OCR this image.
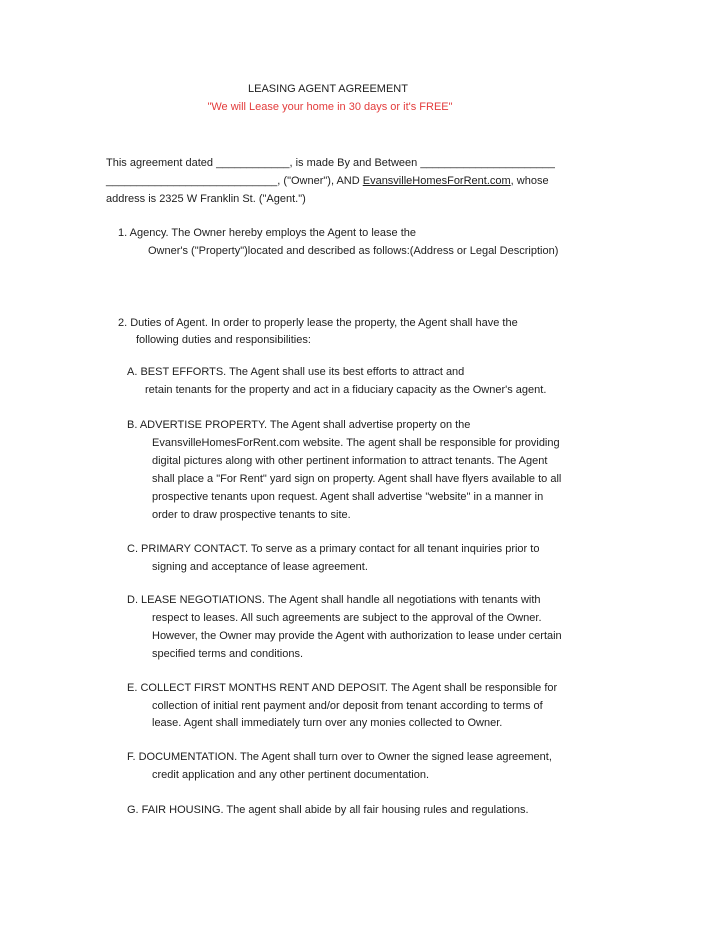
LEASING AGENT AGREEMENT
"We will Lease your home in 30 days or it's FREE"
This agreement dated ____________, is made By and Between ______________________
____________________________, ("Owner"), AND EvansvilleHomesForRent.com, whose
address is 2325 W Franklin St. ("Agent.")
1. Agency. The Owner hereby employs the Agent to lease the
Owner's ("Property")located and described as follows:(Address or Legal Description)
2. Duties of Agent. In order to properly lease the property, the Agent shall have the
following duties and responsibilities:
A. BEST EFFORTS. The Agent shall use its best efforts to attract and
retain tenants for the property and act in a fiduciary capacity as the Owner's agent.
B. ADVERTISE PROPERTY. The Agent shall advertise property on the
EvansvilleHomesForRent.com website. The agent shall be responsible for providing
digital pictures along with other pertinent information to attract tenants. The Agent
shall place a "For Rent" yard sign on property. Agent shall have flyers available to all
prospective tenants upon request. Agent shall advertise "website" in a manner in
order to draw prospective tenants to site.
C. PRIMARY CONTACT. To serve as a primary contact for all tenant inquiries prior to
signing and acceptance of lease agreement.
D. LEASE NEGOTIATIONS. The Agent shall handle all negotiations with tenants with
respect to leases. All such agreements are subject to the approval of the Owner.
However, the Owner may provide the Agent with authorization to lease under certain
specified terms and conditions.
E. COLLECT FIRST MONTHS RENT AND DEPOSIT. The Agent shall be responsible for
collection of initial rent payment and/or deposit from tenant according to terms of
lease. Agent shall immediately turn over any monies collected to Owner.
F. DOCUMENTATION. The Agent shall turn over to Owner the signed lease agreement,
credit application and any other pertinent documentation.
G. FAIR HOUSING. The agent shall abide by all fair housing rules and regulations.
